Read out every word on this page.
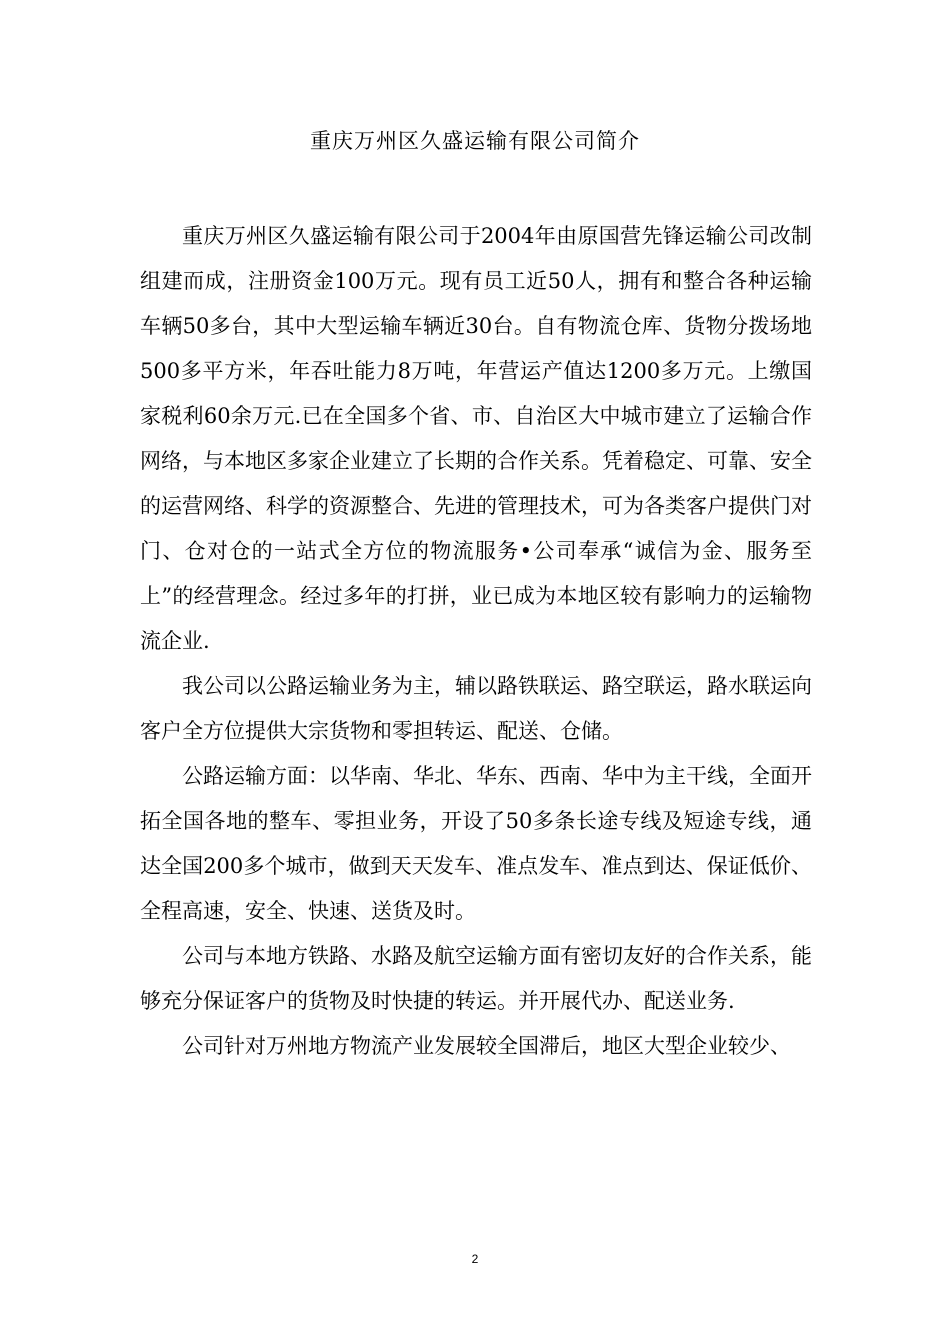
重庆万州区久盛运输有限公司简介

重庆万州区久盛运输有限公司于2004年由原国营先锋运输公司改制组建而成，注册资金100万元。现有员工近50人，拥有和整合各种运输车辆50多台，其中大型运输车辆近30台。自有物流仓库、货物分拨场地500多平方米，年吞吐能力8万吨，年营运产值达1200多万元。上缴国家税利60余万元.已在全国多个省、市、自治区大中城市建立了运输合作网络，与本地区多家企业建立了长期的合作关系。凭着稳定、可靠、安全的运营网络、科学的资源整合、先进的管理技术，可为各类客户提供门对门、仓对仓的一站式全方位的物流服务•公司奉承“诚信为金、服务至上”的经营理念。经过多年的打拼，业已成为本地区较有影响力的运输物流企业.

我公司以公路运输业务为主，辅以路铁联运、路空联运，路水联运向客户全方位提供大宗货物和零担转运、配送、仓储。

公路运输方面：以华南、华北、华东、西南、华中为主干线，全面开拓全国各地的整车、零担业务，开设了50多条长途专线及短途专线，通达全国200多个城市，做到天天发车、准点发车、准点到达、保证低价、全程高速，安全、快速、送货及时。

公司与本地方铁路、水路及航空运输方面有密切友好的合作关系，能够充分保证客户的货物及时快捷的转运。并开展代办、配送业务.

公司针对万州地方物流产业发展较全国滞后，地区大型企业较少、

2
